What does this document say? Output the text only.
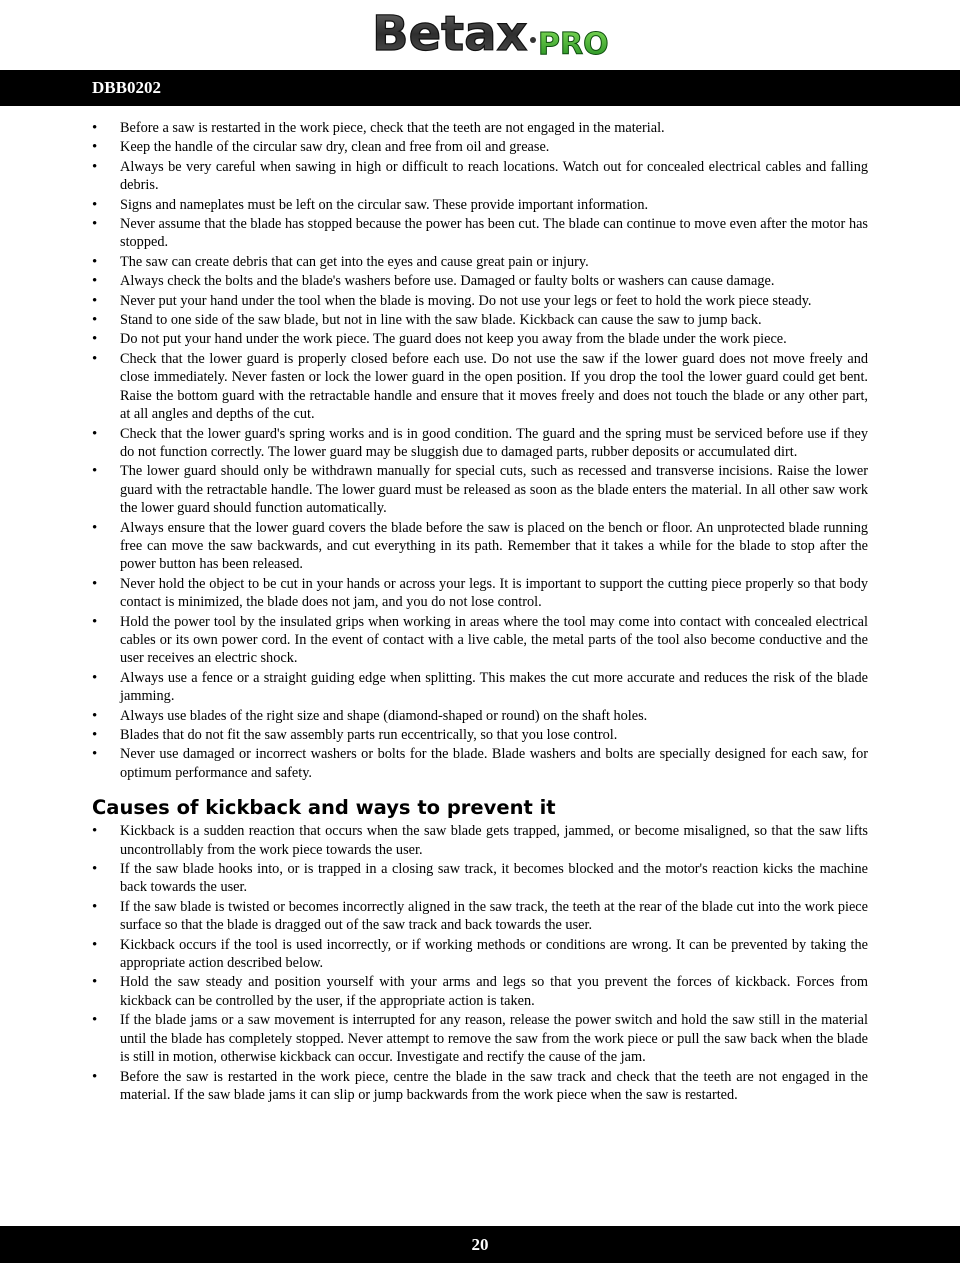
Betax PRO
DBB0202
• Before a saw is restarted in the work piece, check that the teeth are not engaged in the material.
• Keep the handle of the circular saw dry, clean and free from oil and grease.
• Always be very careful when sawing in high or difficult to reach locations. Watch out for concealed electrical cables and falling debris.
• Signs and nameplates must be left on the circular saw. These provide important information.
• Never assume that the blade has stopped because the power has been cut. The blade can continue to move even after the motor has stopped.
• The saw can create debris that can get into the eyes and cause great pain or injury.
• Always check the bolts and the blade's washers before use. Damaged or faulty bolts or washers can cause damage.
• Never put your hand under the tool when the blade is moving. Do not use your legs or feet to hold the work piece steady.
• Stand to one side of the saw blade, but not in line with the saw blade. Kickback can cause the saw to jump back.
• Do not put your hand under the work piece. The guard does not keep you away from the blade under the work piece.
• Check that the lower guard is properly closed before each use. Do not use the saw if the lower guard does not move freely and close immediately. Never fasten or lock the lower guard in the open position. If you drop the tool the lower guard could get bent. Raise the bottom guard with the retractable handle and ensure that it moves freely and does not touch the blade or any other part, at all angles and depths of the cut.
• Check that the lower guard's spring works and is in good condition. The guard and the spring must be serviced before use if they do not function correctly. The lower guard may be sluggish due to damaged parts, rubber deposits or accumulated dirt.
• The lower guard should only be withdrawn manually for special cuts, such as recessed and transverse incisions. Raise the lower guard with the retractable handle. The lower guard must be released as soon as the blade enters the material. In all other saw work the lower guard should function automatically.
• Always ensure that the lower guard covers the blade before the saw is placed on the bench or floor. An unprotected blade running free can move the saw backwards, and cut everything in its path. Remember that it takes a while for the blade to stop after the power button has been released.
• Never hold the object to be cut in your hands or across your legs. It is important to support the cutting piece properly so that body contact is minimized, the blade does not jam, and you do not lose control.
• Hold the power tool by the insulated grips when working in areas where the tool may come into contact with concealed electrical cables or its own power cord. In the event of contact with a live cable, the metal parts of the tool also become conductive and the user receives an electric shock.
• Always use a fence or a straight guiding edge when splitting. This makes the cut more accurate and reduces the risk of the blade jamming.
• Always use blades of the right size and shape (diamond-shaped or round) on the shaft holes.
• Blades that do not fit the saw assembly parts run eccentrically, so that you lose control.
• Never use damaged or incorrect washers or bolts for the blade. Blade washers and bolts are specially designed for each saw, for optimum performance and safety.
Causes of kickback and ways to prevent it
• Kickback is a sudden reaction that occurs when the saw blade gets trapped, jammed, or become misaligned, so that the saw lifts uncontrollably from the work piece towards the user.
• If the saw blade hooks into, or is trapped in a closing saw track, it becomes blocked and the motor's reaction kicks the machine back towards the user.
• If the saw blade is twisted or becomes incorrectly aligned in the saw track, the teeth at the rear of the blade cut into the work piece surface so that the blade is dragged out of the saw track and back towards the user.
• Kickback occurs if the tool is used incorrectly, or if working methods or conditions are wrong. It can be prevented by taking the appropriate action described below.
• Hold the saw steady and position yourself with your arms and legs so that you prevent the forces of kickback. Forces from kickback can be controlled by the user, if the appropriate action is taken.
• If the blade jams or a saw movement is interrupted for any reason, release the power switch and hold the saw still in the material until the blade has completely stopped. Never attempt to remove the saw from the work piece or pull the saw back when the blade is still in motion, otherwise kickback can occur. Investigate and rectify the cause of the jam.
• Before the saw is restarted in the work piece, centre the blade in the saw track and check that the teeth are not engaged in the material. If the saw blade jams it can slip or jump backwards from the work piece when the saw is restarted.
20
